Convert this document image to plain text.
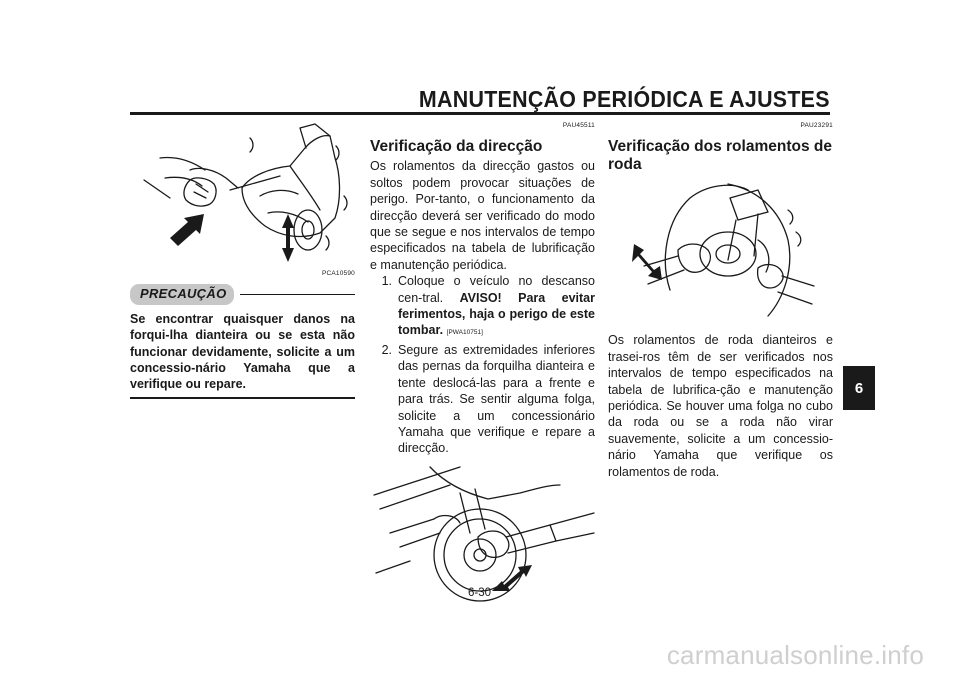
MANUTENÇÃO PERIÓDICA E AJUSTES
6
PCA10590
PRECAUÇÃO

Se encontrar quaisquer danos na forqui-lha dianteira ou se esta não funcionar devidamente, solicite a um concessio-nário Yamaha que a verifique ou repare.

PAU45511
Verificação da direcção

Os rolamentos da direcção gastos ou soltos podem provocar situações de perigo. Por-tanto, o funcionamento da direcção deverá ser verificado do modo que se segue e nos intervalos de tempo especificados na tabela de lubrificação e manutenção periódica.

1. Coloque o veículo no descanso cen-tral. AVISO! Para evitar ferimentos, haja o perigo de este tombar. [PWA10751]
2. Segure as extremidades inferiores das pernas da forquilha dianteira e tente deslocá-las para a frente e para trás. Se sentir alguma folga, solicite a um concessionário Yamaha que verifique e repare a direcção.
PAU23291
Verificação dos rolamentos de roda

Os rolamentos de roda dianteiros e trasei-ros têm de ser verificados nos intervalos de tempo especificados na tabela de lubrifica-ção e manutenção periódica. Se houver uma folga no cubo da roda ou se a roda não virar suavemente, solicite a um concessio-nário Yamaha que verifique os rolamentos de roda.

6-30
carmanualsonline.info
